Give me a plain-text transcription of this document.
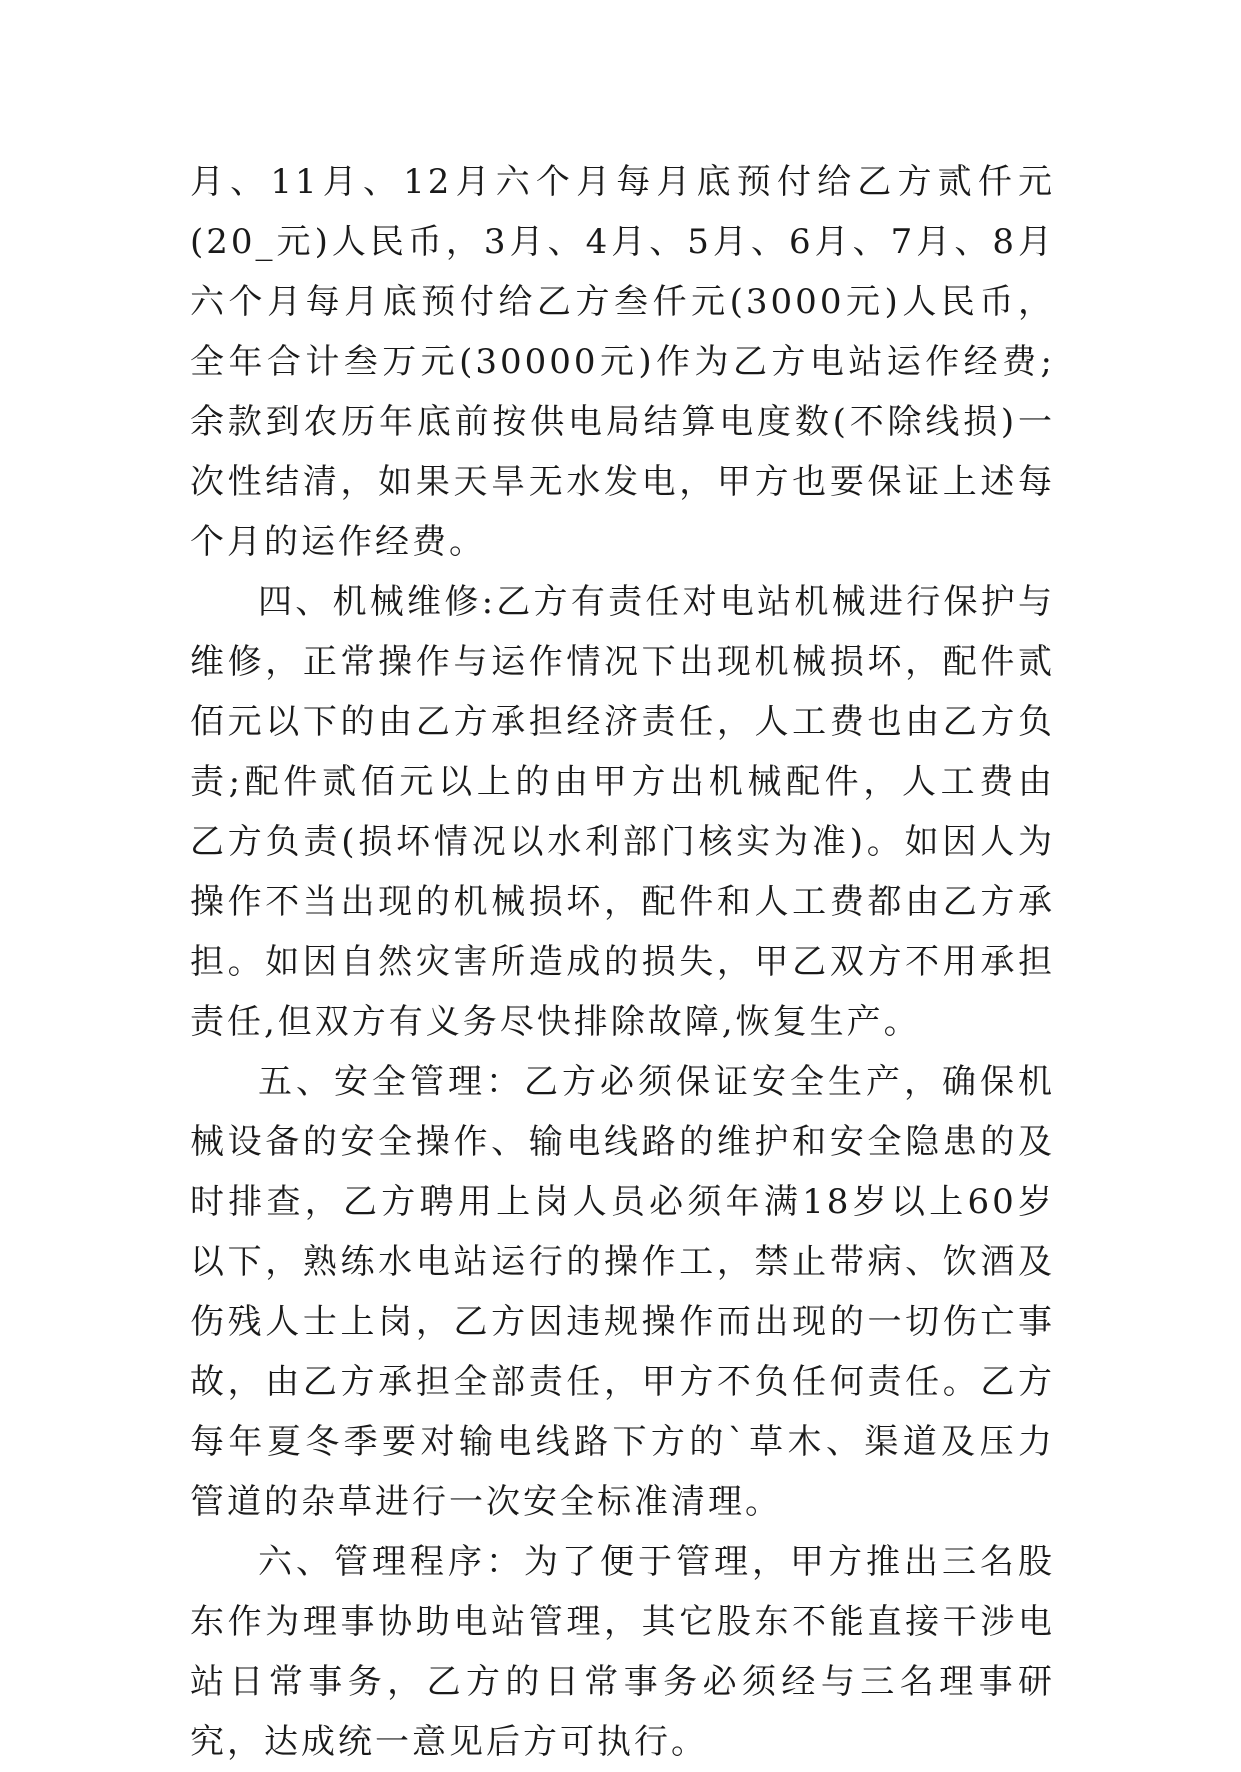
月、11月、12月六个月每月底预付给乙方贰仟元(20_元)人民币，3月、4月、5月、6月、7月、8月六个月每月底预付给乙方叁仟元(3000元)人民币，全年合计叁万元(30000元)作为乙方电站运作经费;余款到农历年底前按供电局结算电度数(不除线损)一次性结清，如果天旱无水发电，甲方也要保证上述每个月的运作经费。

四、机械维修:乙方有责任对电站机械进行保护与维修，正常操作与运作情况下出现机械损坏，配件贰佰元以下的由乙方承担经济责任，人工费也由乙方负责;配件贰佰元以上的由甲方出机械配件，人工费由乙方负责(损坏情况以水利部门核实为准)。如因人为操作不当出现的机械损坏，配件和人工费都由乙方承担。如因自然灾害所造成的损失，甲乙双方不用承担责任,但双方有义务尽快排除故障,恢复生产。

五、安全管理：乙方必须保证安全生产，确保机械设备的安全操作、输电线路的维护和安全隐患的及时排查，乙方聘用上岗人员必须年满18岁以上60岁以下，熟练水电站运行的操作工，禁止带病、饮酒及伤残人士上岗，乙方因违规操作而出现的一切伤亡事故，由乙方承担全部责任，甲方不负任何责任。乙方每年夏冬季要对输电线路下方的`草木、渠道及压力管道的杂草进行一次安全标准清理。

六、管理程序：为了便于管理，甲方推出三名股东作为理事协助电站管理，其它股东不能直接干涉电站日常事务，乙方的日常事务必须经与三名理事研究，达成统一意见后方可执行。
